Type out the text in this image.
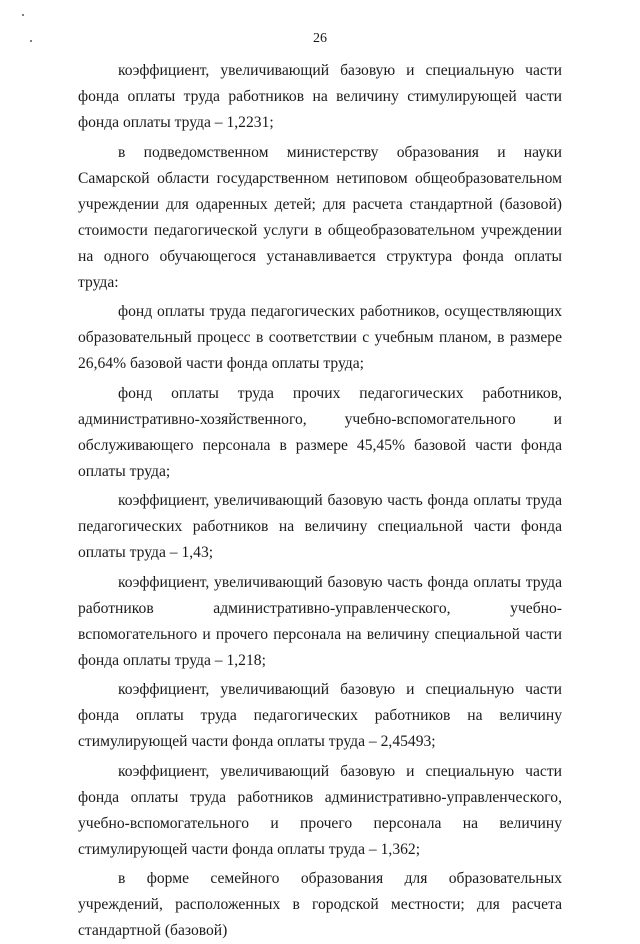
26

коэффициент, увеличивающий базовую и специальную части фонда оплаты труда работников на величину стимулирующей части фонда оплаты труда – 1,2231;

в подведомственном министерству образования и науки Самарской области государственном нетиповом общеобразовательном учреждении для одаренных детей; для расчета стандартной (базовой) стоимости педагогической услуги в общеобразовательном учреждении на одного обучающегося устанавливается структура фонда оплаты труда:

фонд оплаты труда педагогических работников, осуществляющих образовательный процесс в соответствии с учебным планом, в размере 26,64% базовой части фонда оплаты труда;

фонд оплаты труда прочих педагогических работников, административно-хозяйственного, учебно-вспомогательного и обслуживающего персонала в размере 45,45% базовой части фонда оплаты труда;

коэффициент, увеличивающий базовую часть фонда оплаты труда педагогических работников на величину специальной части фонда оплаты труда – 1,43;

коэффициент, увеличивающий базовую часть фонда оплаты труда работников административно-управленческого, учебно-вспомогательного и прочего персонала на величину специальной части фонда оплаты труда – 1,218;

коэффициент, увеличивающий базовую и специальную части фонда оплаты труда педагогических работников на величину стимулирующей части фонда оплаты труда – 2,45493;

коэффициент, увеличивающий базовую и специальную части фонда оплаты труда работников административно-управленческого, учебно-вспомогательного и прочего персонала на величину стимулирующей части фонда оплаты труда – 1,362;

в форме семейного образования для образовательных учреждений, расположенных в городской местности; для расчета стандартной (базовой)
